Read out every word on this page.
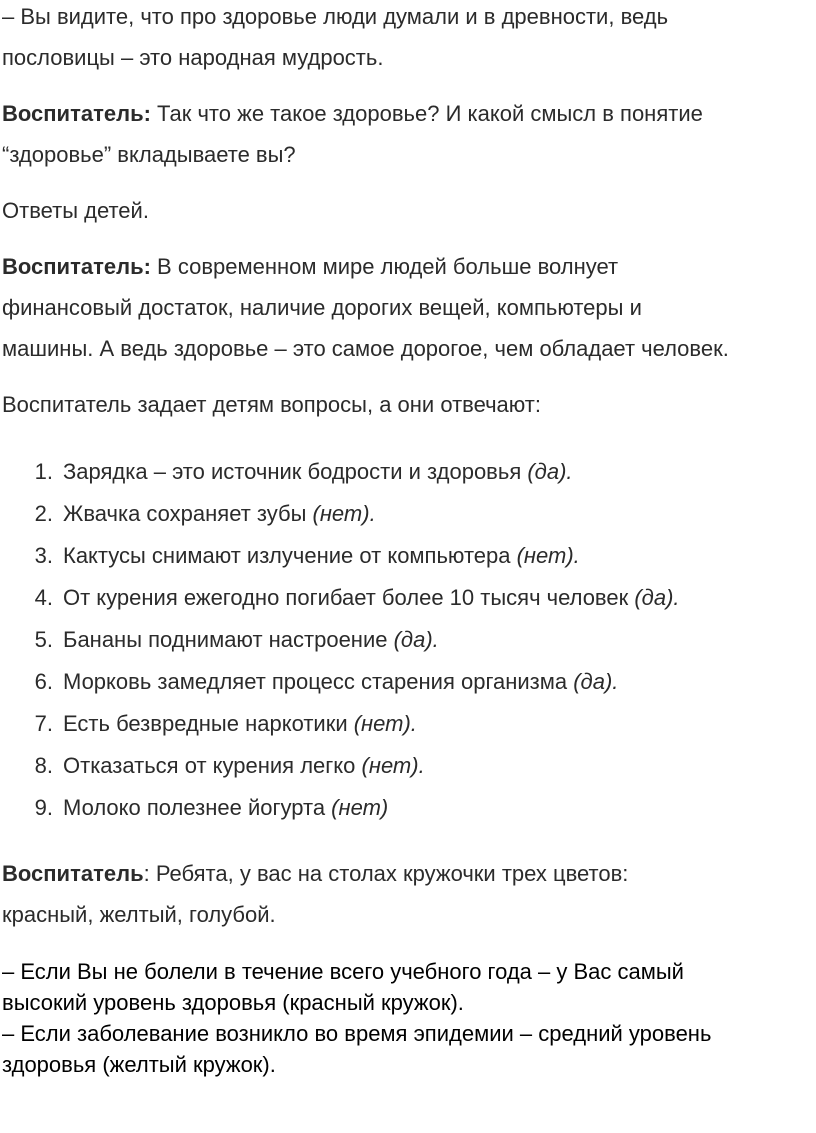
– Вы видите, что про здоровье люди думали и в древности, ведь
пословицы – это народная мудрость.

Воспитатель: Так что же такое здоровье? И какой смысл в понятие
“здоровье” вкладываете вы?

Ответы детей.

Воспитатель: В современном мире людей больше волнует
финансовый достаток, наличие дорогих вещей, компьютеры и
машины. А ведь здоровье – это самое дорогое, чем обладает человек.

Воспитатель задает детям вопросы, а они отвечают:

1. Зарядка – это источник бодрости и здоровья (да).
2. Жвачка сохраняет зубы (нет).
3. Кактусы снимают излучение от компьютера (нет).
4. От курения ежегодно погибает более 10 тысяч человек (да).
5. Бананы поднимают настроение (да).
6. Морковь замедляет процесс старения организма (да).
7. Есть безвредные наркотики (нет).
8. Отказаться от курения легко (нет).
9. Молоко полезнее йогурта (нет)

Воспитатель: Ребята, у вас на столах кружочки трех цветов:
красный, желтый, голубой.

– Если Вы не болели в течение всего учебного года – у Вас самый
высокий уровень здоровья (красный кружок).
– Если заболевание возникло во время эпидемии – средний уровень
здоровья (желтый кружок).
